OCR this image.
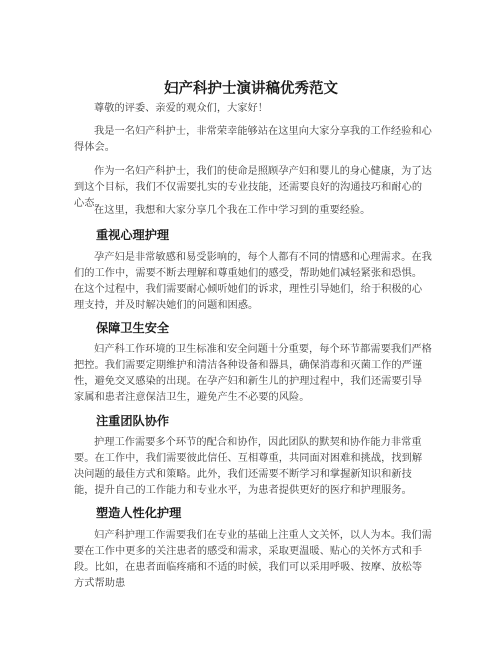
妇产科护士演讲稿优秀范文

尊敬的评委、亲爱的观众们，大家好！

我是一名妇产科护士，非常荣幸能够站在这里向大家分享我的工作经验和心得体会。

作为一名妇产科护士，我们的使命是照顾孕产妇和婴儿的身心健康，为了达到这个目标，我们不仅需要扎实的专业技能，还需要良好的沟通技巧和耐心的心态。

在这里，我想和大家分享几个我在工作中学习到的重要经验。

重视心理护理

孕产妇是非常敏感和易受影响的，每个人都有不同的情感和心理需求。在我们的工作中，需要不断去理解和尊重她们的感受，帮助她们减轻紧张和恐惧。在这个过程中，我们需要耐心倾听她们的诉求，理性引导她们，给于积极的心理支持，并及时解决她们的问题和困惑。

保障卫生安全

妇产科工作环境的卫生标准和安全问题十分重要，每个环节都需要我们严格把控。我们需要定期维护和清洁各种设备和器具，确保消毒和灭菌工作的严谨性，避免交叉感染的出现。在孕产妇和新生儿的护理过程中，我们还需要引导家属和患者注意保洁卫生，避免产生不必要的风险。

注重团队协作

护理工作需要多个环节的配合和协作，因此团队的默契和协作能力非常重要。在工作中，我们需要彼此信任、互相尊重，共同面对困难和挑战，找到解决问题的最佳方式和策略。此外，我们还需要不断学习和掌握新知识和新技能，提升自己的工作能力和专业水平，为患者提供更好的医疗和护理服务。

塑造人性化护理

妇产科护理工作需要我们在专业的基础上注重人文关怀，以人为本。我们需要在工作中更多的关注患者的感受和需求，采取更温暖、贴心的关怀方式和手段。比如，在患者面临疼痛和不适的时候，我们可以采用呼吸、按摩、放松等方式帮助患
